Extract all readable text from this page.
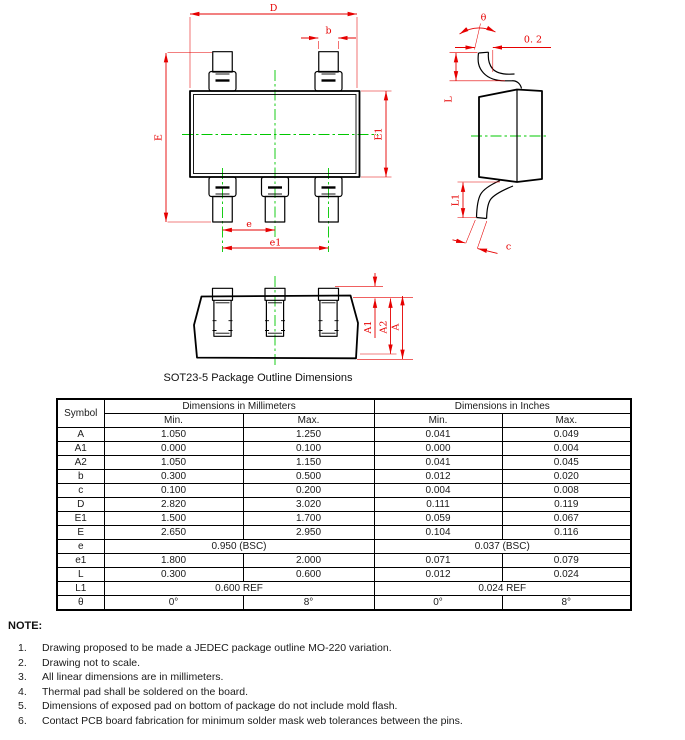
D
b
E	E1
e
e1
θ
0. 2
L
L1
c
A1 A2 A
SOT23-5 Package Outline Dimensions
Symbol	Dimensions in Millimeters		Dimensions in Inches	
	Min.	Max.	Min.	Max.
A	1.050	1.250	0.041	0.049
A1	0.000	0.100	0.000	0.004
A2	1.050	1.150	0.041	0.045
b	0.300	0.500	0.012	0.020
c	0.100	0.200	0.004	0.008
D	2.820	3.020	0.111	0.119
E1	1.500	1.700	0.059	0.067
E	2.650	2.950	0.104	0.116
e	0.950 (BSC)		0.037 (BSC)	
e1	1.800	2.000	0.071	0.079
L	0.300	0.600	0.012	0.024
L1	0.600 REF		0.024 REF	
θ	0°	8°	0°	8°
NOTE:
1.	Drawing proposed to be made a JEDEC package outline MO-220 variation.
2.	Drawing not to scale.
3.	All linear dimensions are in millimeters.
4.	Thermal pad shall be soldered on the board.
5.	Dimensions of exposed pad on bottom of package do not include mold flash.
6.	Contact PCB board fabrication for minimum solder mask web tolerances between the pins.
